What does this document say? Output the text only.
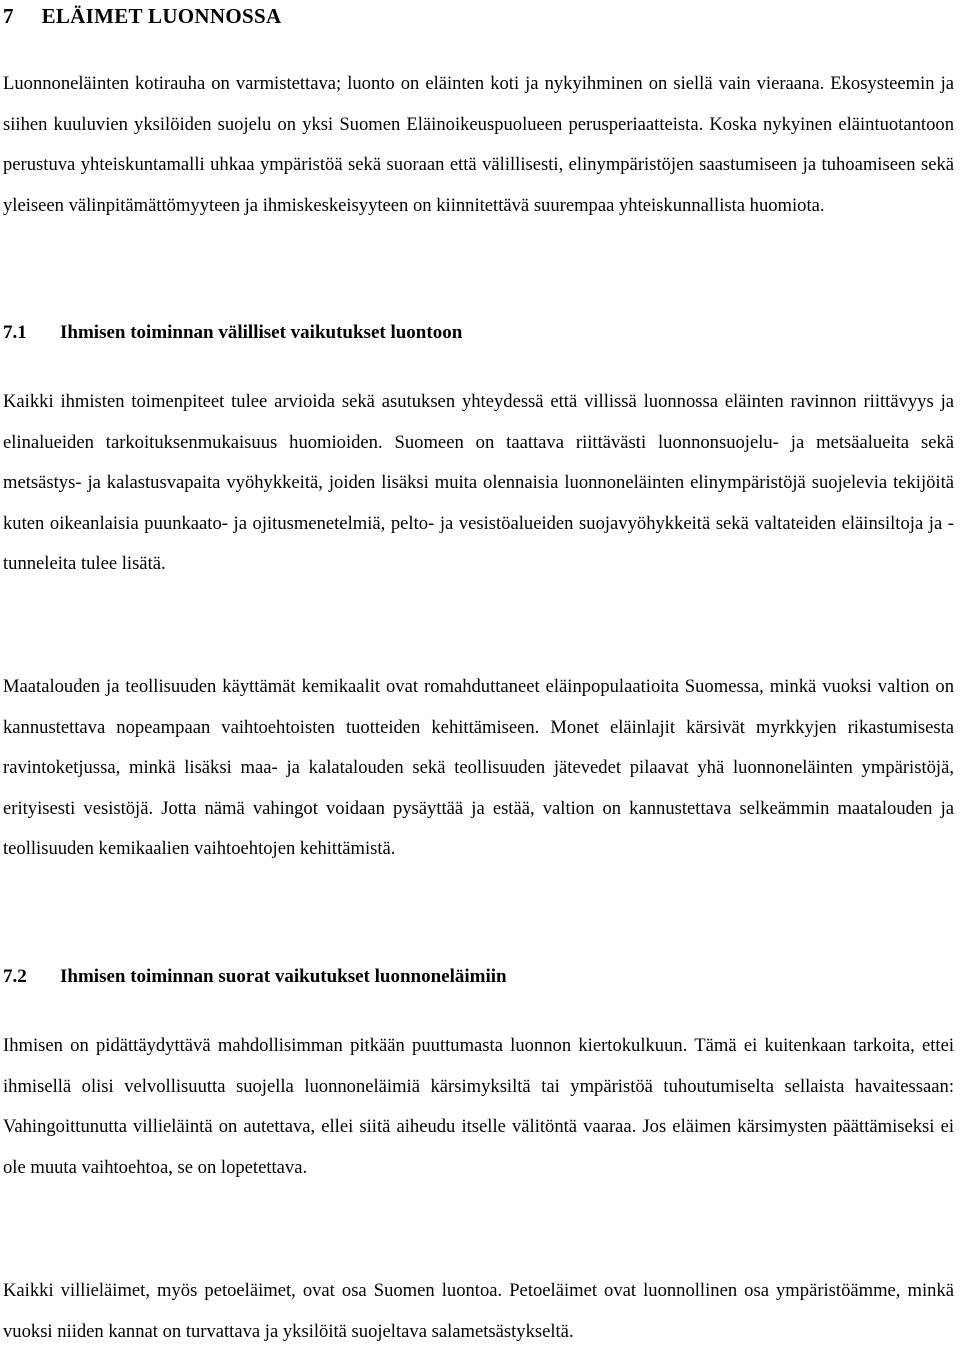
7 ELÄIMET LUONNOSSA

Luonnoneläinten kotirauha on varmistettava; luonto on eläinten koti ja nykyihminen on siellä vain vieraana. Ekosysteemin ja siihen kuuluvien yksilöiden suojelu on yksi Suomen Eläinoikeuspuolueen perusperiaatteista. Koska nykyinen eläintuotantoon perustuva yhteiskuntamalli uhkaa ympäristöä sekä suoraan että välillisesti, elinympäristöjen saastumiseen ja tuhoamiseen sekä yleiseen välinpitämättömyyteen ja ihmiskeskeisyyteen on kiinnitettävä suurempaa yhteiskunnallista huomiota.

7.1 Ihmisen toiminnan välilliset vaikutukset luontoon

Kaikki ihmisten toimenpiteet tulee arvioida sekä asutuksen yhteydessä että villissä luonnossa eläinten ravinnon riittävyys ja elinalueiden tarkoituksenmukaisuus huomioiden. Suomeen on taattava riittävästi luonnonsuojelu- ja metsäalueita sekä metsästys- ja kalastusvapaita vyöhykkeitä, joiden lisäksi muita olennaisia luonnoneläinten elinympäristöjä suojelevia tekijöitä kuten oikeanlaisia puunkaato- ja ojitusmenetelmiä, pelto- ja vesistöalueiden suojavyöhykkeitä sekä valtateiden eläinsiltoja ja -tunneleita tulee lisätä.

Maatalouden ja teollisuuden käyttämät kemikaalit ovat romahduttaneet eläinpopulaatioita Suomessa, minkä vuoksi valtion on kannustettava nopeampaan vaihtoehtoisten tuotteiden kehittämiseen. Monet eläinlajit kärsivät myrkkyjen rikastumisesta ravintoketjussa, minkä lisäksi maa- ja kalatalouden sekä teollisuuden jätevedet pilaavat yhä luonnoneläinten ympäristöjä, erityisesti vesistöjä. Jotta nämä vahingot voidaan pysäyttää ja estää, valtion on kannustettava selkeämmin maatalouden ja teollisuuden kemikaalien vaihtoehtojen kehittämistä.

7.2 Ihmisen toiminnan suorat vaikutukset luonnoneläimiin

Ihmisen on pidättäydyttävä mahdollisimman pitkään puuttumasta luonnon kiertokulkuun. Tämä ei kuitenkaan tarkoita, ettei ihmisellä olisi velvollisuutta suojella luonnoneläimiä kärsimyksiltä tai ympäristöä tuhoutumiselta sellaista havaitessaan: Vahingoittunutta villieläintä on autettava, ellei siitä aiheudu itselle välitöntä vaaraa. Jos eläimen kärsimysten päättämiseksi ei ole muuta vaihtoehtoa, se on lopetettava.

Kaikki villieläimet, myös petoeläimet, ovat osa Suomen luontoa. Petoeläimet ovat luonnollinen osa ympäristöämme, minkä vuoksi niiden kannat on turvattava ja yksilöitä suojeltava salametsästykseltä.
